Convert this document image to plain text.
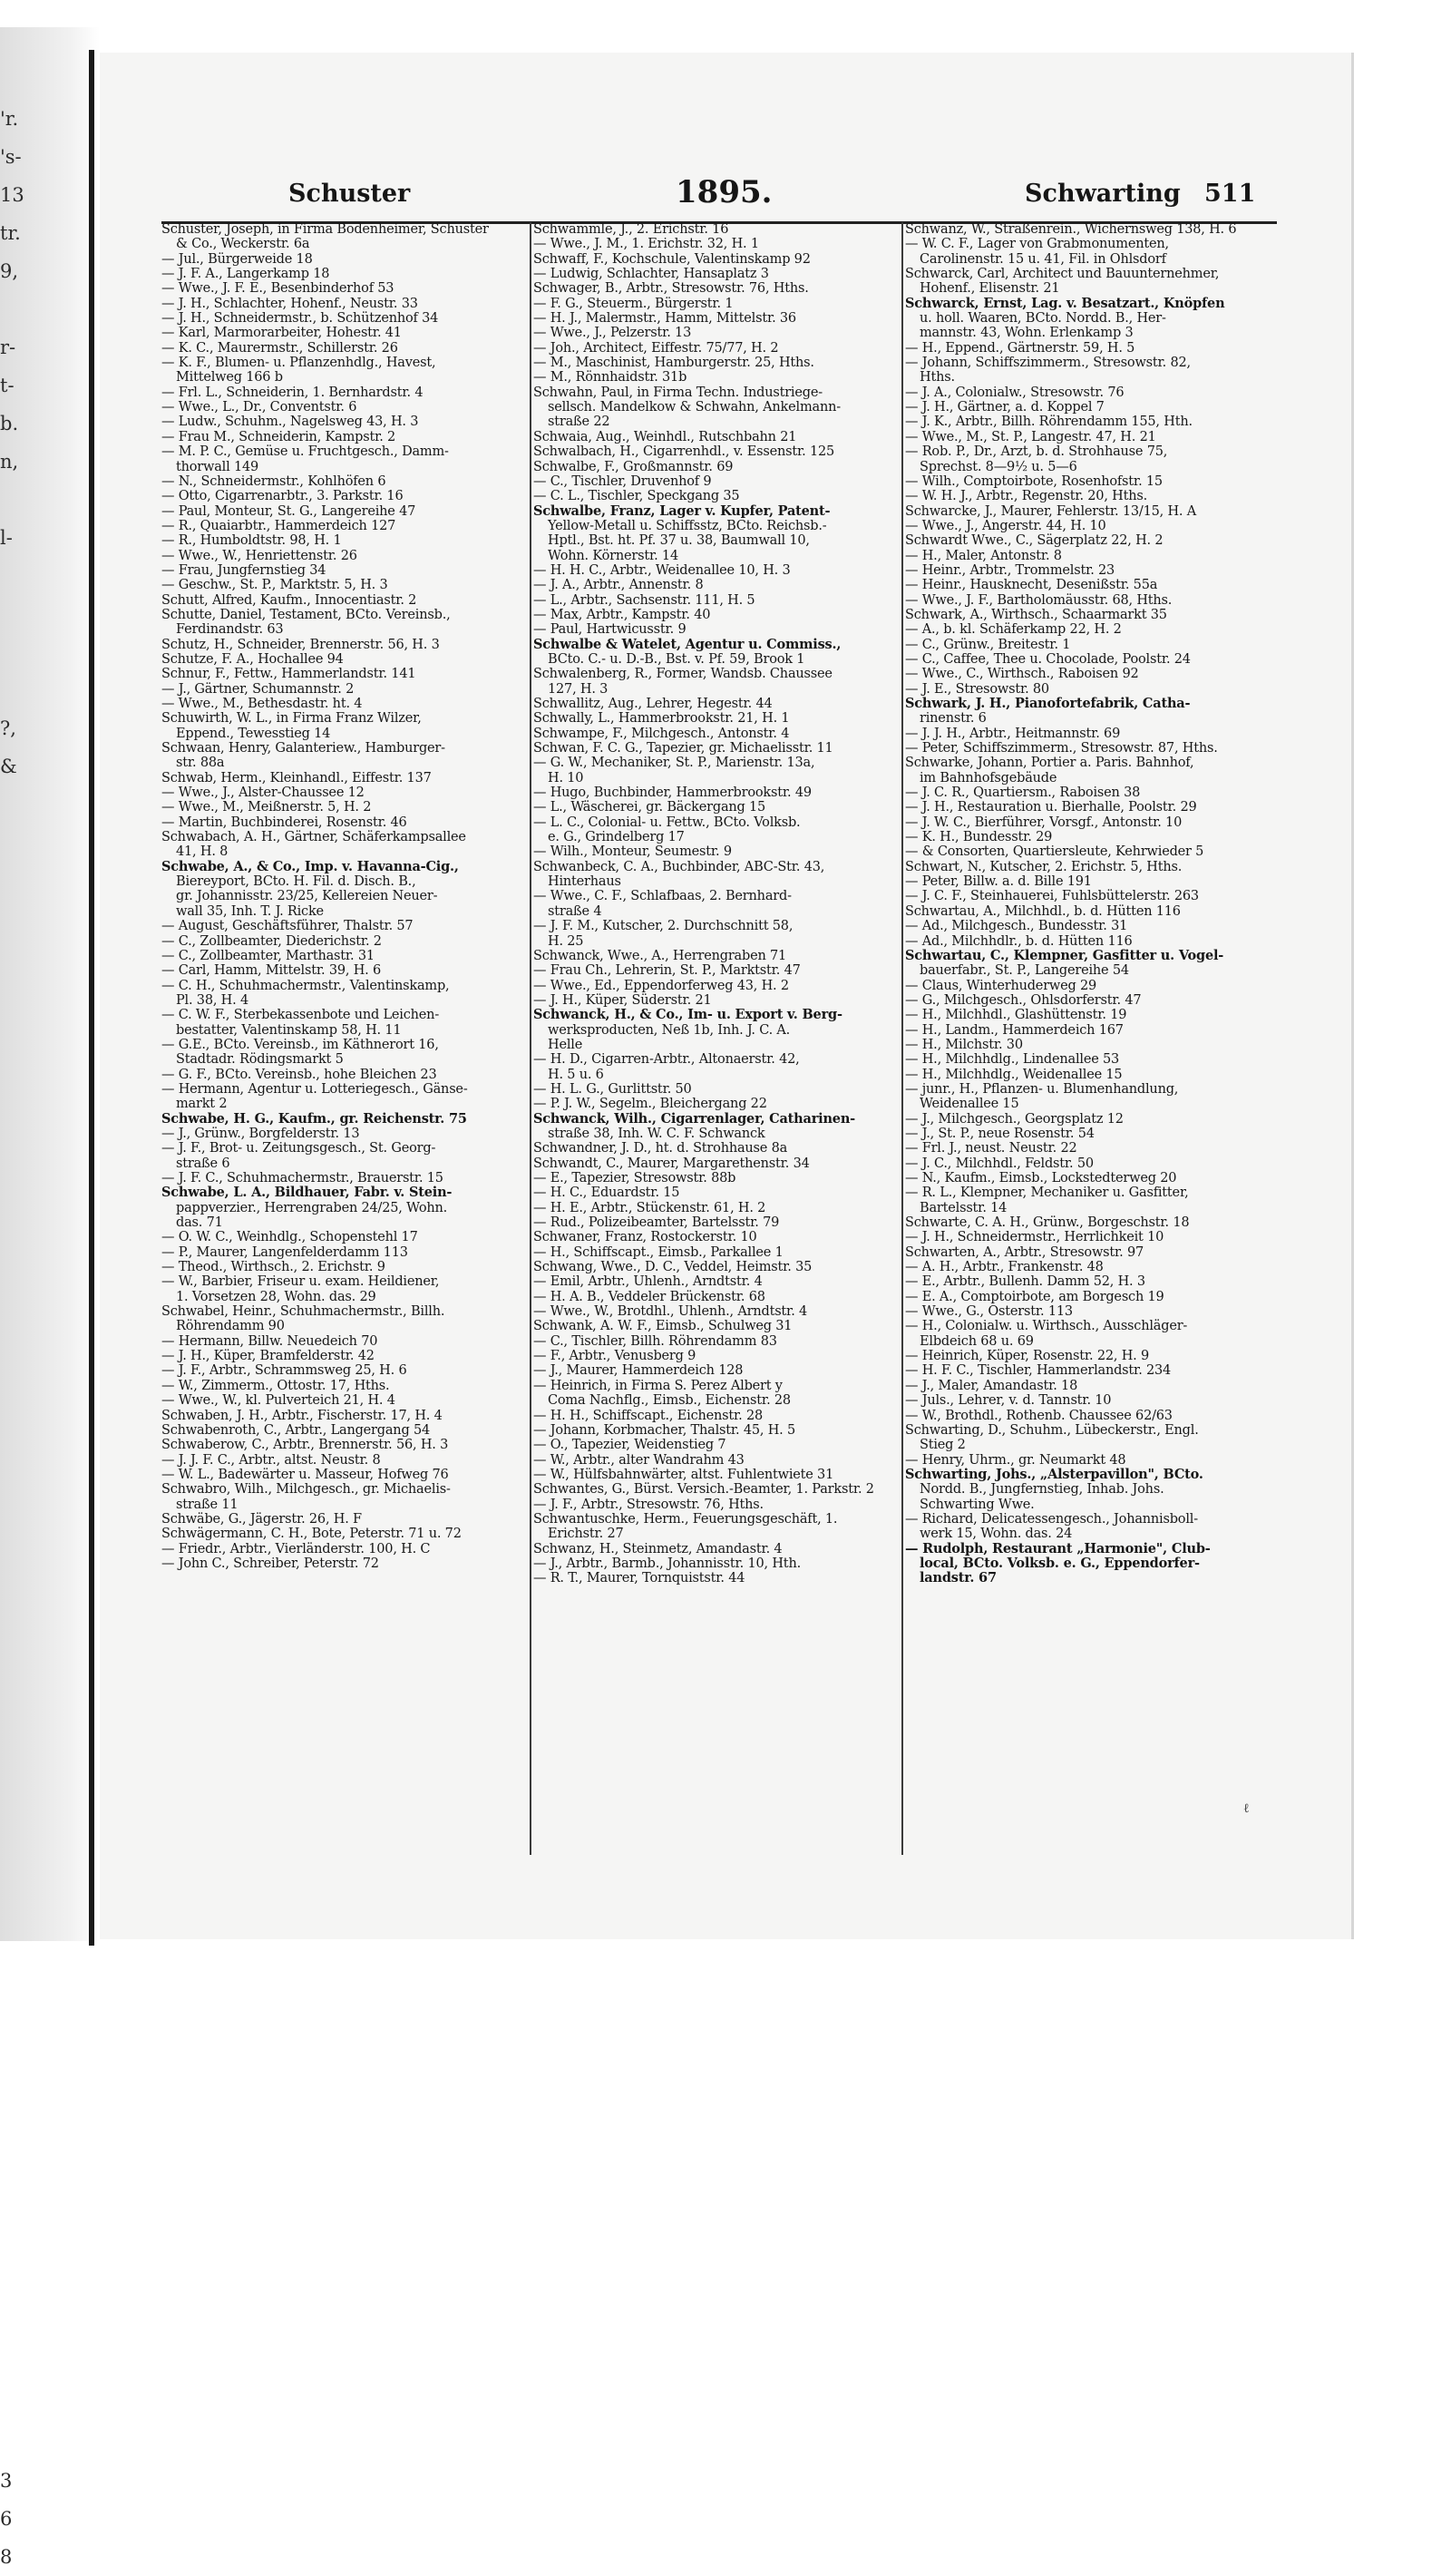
'r.
's-
13
tr.
9,
r-
t-
b.
n,
l-
?,
&
3
6
8
Schuster	1895.	Schwarting 511
Schuster, Joseph, in Firma Bodenheimer, Schuster
& Co., Weckerstr. 6a
— Jul., Bürgerweide 18
— J. F. A., Langerkamp 18
— Wwe., J. F. E., Besenbinderhof 53
— J. H., Schlachter, Hohenf., Neustr. 33
— J. H., Schneidermstr., b. Schützenhof 34
— Karl, Marmorarbeiter, Hohestr. 41
— K. C., Maurermstr., Schillerstr. 26
— K. F., Blumen- u. Pflanzenhdlg., Havest,
Mittelweg 166 b
— Frl. L., Schneiderin, 1. Bernhardstr. 4
— Wwe., L., Dr., Conventstr. 6
— Ludw., Schuhm., Nagelsweg 43, H. 3
— Frau M., Schneiderin, Kampstr. 2
— M. P. C., Gemüse u. Fruchtgesch., Damm-
thorwall 149
— N., Schneidermstr., Kohlhöfen 6
— Otto, Cigarrenarbtr., 3. Parkstr. 16
— Paul, Monteur, St. G., Langereihe 47
— R., Quaiarbtr., Hammerdeich 127
— R., Humboldtstr. 98, H. 1
— Wwe., W., Henriettenstr. 26
— Frau, Jungfernstieg 34
— Geschw., St. P., Marktstr. 5, H. 3
Schutt, Alfred, Kaufm., Innocentiastr. 2
Schutte, Daniel, Testament, BCto. Vereinsb.,
Ferdinandstr. 63
Schutz, H., Schneider, Brennerstr. 56, H. 3
Schutze, F. A., Hochallee 94
Schnur, F., Fettw., Hammerlandstr. 141
— J., Gärtner, Schumannstr. 2
— Wwe., M., Bethesdastr. ht. 4
Schuwirth, W. L., in Firma Franz Wilzer,
Eppend., Tewesstieg 14
Schwaan, Henry, Galanteriew., Hamburger-
str. 88a
Schwab, Herm., Kleinhandl., Eiffestr. 137
— Wwe., J., Alster-Chaussee 12
— Wwe., M., Meißnerstr. 5, H. 2
— Martin, Buchbinderei, Rosenstr. 46
Schwabach, A. H., Gärtner, Schäferkampsallee
41, H. 8
Schwabe, A., & Co., Imp. v. Havanna-Cig.,
Biereyport, BCto. H. Fil. d. Disch. B.,
gr. Johannisstr. 23/25, Kellereien Neuer-
wall 35, Inh. T. J. Ricke
— August, Geschäftsführer, Thalstr. 57
— C., Zollbeamter, Diederichstr. 2
— C., Zollbeamter, Marthastr. 31
— Carl, Hamm, Mittelstr. 39, H. 6
— C. H., Schuhmachermstr., Valentinskamp,
Pl. 38, H. 4
— C. W. F., Sterbekassenbote und Leichen-
bestatter, Valentinskamp 58, H. 11
— G.E., BCto. Vereinsb., im Käthnerort 16,
Stadtadr. Rödingsmarkt 5
— G. F., BCto. Vereinsb., hohe Bleichen 23
— Hermann, Agentur u. Lotteriegesch., Gänse-
markt 2
Schwabe, H. G., Kaufm., gr. Reichenstr. 75
— J., Grünw., Borgfelderstr. 13
— J. F., Brot- u. Zeitungsgesch., St. Georg-
straße 6
— J. F. C., Schuhmachermstr., Brauerstr. 15
Schwabe, L. A., Bildhauer, Fabr. v. Stein-
pappverzier., Herrengraben 24/25, Wohn.
das. 71
— O. W. C., Weinhdlg., Schopenstehl 17
— P., Maurer, Langenfelderdamm 113
— Theod., Wirthsch., 2. Erichstr. 9
— W., Barbier, Friseur u. exam. Heildiener,
1. Vorsetzen 28, Wohn. das. 29
Schwabel, Heinr., Schuhmachermstr., Billh.
Röhrendamm 90
— Hermann, Billw. Neuedeich 70
— J. H., Küper, Bramfelderstr. 42
— J. F., Arbtr., Schrammsweg 25, H. 6
— W., Zimmerm., Ottostr. 17, Hths.
— Wwe., W., kl. Pulverteich 21, H. 4
Schwaben, J. H., Arbtr., Fischerstr. 17, H. 4
Schwabenroth, C., Arbtr., Langergang 54
Schwaberow, C., Arbtr., Brennerstr. 56, H. 3
— J. J. F. C., Arbtr., altst. Neustr. 8
— W. L., Badewärter u. Masseur, Hofweg 76
Schwabro, Wilh., Milchgesch., gr. Michaelis-
straße 11
Schwäbe, G., Jägerstr. 26, H. F
Schwägermann, C. H., Bote, Peterstr. 71 u. 72
— Friedr., Arbtr., Vierländerstr. 100, H. C
— John C., Schreiber, Peterstr. 72
Schwämmle, J., 2. Erichstr. 16
— Wwe., J. M., 1. Erichstr. 32, H. 1
Schwaff, F., Kochschule, Valentinskamp 92
— Ludwig, Schlachter, Hansaplatz 3
Schwager, B., Arbtr., Stresowstr. 76, Hths.
— F. G., Steuerm., Bürgerstr. 1
— H. J., Malermstr., Hamm, Mittelstr. 36
— Wwe., J., Pelzerstr. 13
— Joh., Architect, Eiffestr. 75/77, H. 2
— M., Maschinist, Hamburgerstr. 25, Hths.
— M., Rönnhaidstr. 31b
Schwahn, Paul, in Firma Techn. Industriege-
sellsch. Mandelkow & Schwahn, Ankelmann-
straße 22
Schwaia, Aug., Weinhdl., Rutschbahn 21
Schwalbach, H., Cigarrenhdl., v. Essenstr. 125
Schwalbe, F., Großmannstr. 69
— C., Tischler, Druvenhof 9
— C. L., Tischler, Speckgang 35
Schwalbe, Franz, Lager v. Kupfer, Patent-
Yellow-Metall u. Schiffsstz, BCto. Reichsb.-
Hptl., Bst. ht. Pf. 37 u. 38, Baumwall 10,
Wohn. Körnerstr. 14
— H. H. C., Arbtr., Weidenallee 10, H. 3
— J. A., Arbtr., Annenstr. 8
— L., Arbtr., Sachsenstr. 111, H. 5
— Max, Arbtr., Kampstr. 40
— Paul, Hartwicusstr. 9
Schwalbe & Watelet, Agentur u. Commiss.,
BCto. C.- u. D.-B., Bst. v. Pf. 59, Brook 1
Schwalenberg, R., Former, Wandsb. Chaussee
127, H. 3
Schwallitz, Aug., Lehrer, Hegestr. 44
Schwally, L., Hammerbrookstr. 21, H. 1
Schwampe, F., Milchgesch., Antonstr. 4
Schwan, F. C. G., Tapezier, gr. Michaelisstr. 11
— G. W., Mechaniker, St. P., Marienstr. 13a,
H. 10
— Hugo, Buchbinder, Hammerbrookstr. 49
— L., Wäscherei, gr. Bäckergang 15
— L. C., Colonial- u. Fettw., BCto. Volksb.
e. G., Grindelberg 17
— Wilh., Monteur, Seumestr. 9
Schwanbeck, C. A., Buchbinder, ABC-Str. 43,
Hinterhaus
— Wwe., C. F., Schlafbaas, 2. Bernhard-
straße 4
— J. F. M., Kutscher, 2. Durchschnitt 58,
H. 25
Schwanck, Wwe., A., Herrengraben 71
— Frau Ch., Lehrerin, St. P., Marktstr. 47
— Wwe., Ed., Eppendorferweg 43, H. 2
— J. H., Küper, Süderstr. 21
Schwanck, H., & Co., Im- u. Export v. Berg-
werksproducten, Neß 1b, Inh. J. C. A.
Helle
— H. D., Cigarren-Arbtr., Altonaerstr. 42,
H. 5 u. 6
— H. L. G., Gurlittstr. 50
— P. J. W., Segelm., Bleichergang 22
Schwanck, Wilh., Cigarrenlager, Catharinen-
straße 38, Inh. W. C. F. Schwanck
Schwandner, J. D., ht. d. Strohhause 8a
Schwandt, C., Maurer, Margarethenstr. 34
— E., Tapezier, Stresowstr. 88b
— H. C., Eduardstr. 15
— H. E., Arbtr., Stückenstr. 61, H. 2
— Rud., Polizeibeamter, Bartelsstr. 79
Schwaner, Franz, Rostockerstr. 10
— H., Schiffscapt., Eimsb., Parkallee 1
Schwang, Wwe., D. C., Veddel, Heimstr. 35
— Emil, Arbtr., Uhlenh., Arndtstr. 4
— H. A. B., Veddeler Brückenstr. 68
— Wwe., W., Brotdhl., Uhlenh., Arndtstr. 4
Schwank, A. W. F., Eimsb., Schulweg 31
— C., Tischler, Billh. Röhrendamm 83
— F., Arbtr., Venusberg 9
— J., Maurer, Hammerdeich 128
— Heinrich, in Firma S. Perez Albert y
Coma Nachflg., Eimsb., Eichenstr. 28
— H. H., Schiffscapt., Eichenstr. 28
— Johann, Korbmacher, Thalstr. 45, H. 5
— O., Tapezier, Weidenstieg 7
— W., Arbtr., alter Wandrahm 43
— W., Hülfsbahnwärter, altst. Fuhlentwiete 31
Schwantes, G., Bürst. Versich.-Beamter, 1. Parkstr. 2
— J. F., Arbtr., Stresowstr. 76, Hths.
Schwantuschke, Herm., Feuerungsgeschäft, 1.
Erichstr. 27
Schwanz, H., Steinmetz, Amandastr. 4
— J., Arbtr., Barmb., Johannisstr. 10, Hth.
— R. T., Maurer, Tornquiststr. 44
Schwanz, W., Straßenrein., Wichernsweg 138, H. 6
— W. C. F., Lager von Grabmonumenten,
Carolinenstr. 15 u. 41, Fil. in Ohlsdorf
Schwarck, Carl, Architect und Bauunternehmer,
Hohenf., Elisenstr. 21
Schwarck, Ernst, Lag. v. Besatzart., Knöpfen
u. holl. Waaren, BCto. Nordd. B., Her-
mannstr. 43, Wohn. Erlenkamp 3
— H., Eppend., Gärtnerstr. 59, H. 5
— Johann, Schiffszimmerm., Stresowstr. 82,
Hths.
— J. A., Colonialw., Stresowstr. 76
— J. H., Gärtner, a. d. Koppel 7
— J. K., Arbtr., Billh. Röhrendamm 155, Hth.
— Wwe., M., St. P., Langestr. 47, H. 21
— Rob. P., Dr., Arzt, b. d. Strohhause 75,
Sprechst. 8—9½ u. 5—6
— Wilh., Comptoirbote, Rosenhofstr. 15
— W. H. J., Arbtr., Regenstr. 20, Hths.
Schwarcke, J., Maurer, Fehlerstr. 13/15, H. A
— Wwe., J., Angerstr. 44, H. 10
Schwardt Wwe., C., Sägerplatz 22, H. 2
— H., Maler, Antonstr. 8
— Heinr., Arbtr., Trommelstr. 23
— Heinr., Hausknecht, Desenißstr. 55a
— Wwe., J. F., Bartholomäusstr. 68, Hths.
Schwark, A., Wirthsch., Schaarmarkt 35
— A., b. kl. Schäferkamp 22, H. 2
— C., Grünw., Breitestr. 1
— C., Caffee, Thee u. Chocolade, Poolstr. 24
— Wwe., C., Wirthsch., Raboisen 92
— J. E., Stresowstr. 80
Schwark, J. H., Pianofortefabrik, Catha-
rinenstr. 6
— J. J. H., Arbtr., Heitmannstr. 69
— Peter, Schiffszimmerm., Stresowstr. 87, Hths.
Schwarke, Johann, Portier a. Paris. Bahnhof,
im Bahnhofsgebäude
— J. C. R., Quartiersm., Raboisen 38
— J. H., Restauration u. Bierhalle, Poolstr. 29
— J. W. C., Bierführer, Vorsgf., Antonstr. 10
— K. H., Bundesstr. 29
— & Consorten, Quartiersleute, Kehrwieder 5
Schwart, N., Kutscher, 2. Erichstr. 5, Hths.
— Peter, Billw. a. d. Bille 191
— J. C. F., Steinhauerei, Fuhlsbüttelerstr. 263
Schwartau, A., Milchhdl., b. d. Hütten 116
— Ad., Milchgesch., Bundesstr. 31
— Ad., Milchhdlr., b. d. Hütten 116
Schwartau, C., Klempner, Gasfitter u. Vogel-
bauerfabr., St. P., Langereihe 54
— Claus, Winterhuderweg 29
— G., Milchgesch., Ohlsdorferstr. 47
— H., Milchhdl., Glashüttenstr. 19
— H., Landm., Hammerdeich 167
— H., Milchstr. 30
— H., Milchhdlg., Lindenallee 53
— H., Milchhdlg., Weidenallee 15
— junr., H., Pflanzen- u. Blumenhandlung,
Weidenallee 15
— J., Milchgesch., Georgsplatz 12
— J., St. P., neue Rosenstr. 54
— Frl. J., neust. Neustr. 22
— J. C., Milchhdl., Feldstr. 50
— N., Kaufm., Eimsb., Lockstedterweg 20
— R. L., Klempner, Mechaniker u. Gasfitter,
Bartelsstr. 14
Schwarte, C. A. H., Grünw., Borgeschstr. 18
— J. H., Schneidermstr., Herrlichkeit 10
Schwarten, A., Arbtr., Stresowstr. 97
— A. H., Arbtr., Frankenstr. 48
— E., Arbtr., Bullenh. Damm 52, H. 3
— E. A., Comptoirbote, am Borgesch 19
— Wwe., G., Osterstr. 113
— H., Colonialw. u. Wirthsch., Ausschläger-
Elbdeich 68 u. 69
— Heinrich, Küper, Rosenstr. 22, H. 9
— H. F. C., Tischler, Hammerlandstr. 234
— J., Maler, Amandastr. 18
— Juls., Lehrer, v. d. Tannstr. 10
— W., Brothdl., Rothenb. Chaussee 62/63
Schwarting, D., Schuhm., Lübeckerstr., Engl.
Stieg 2
— Henry, Uhrm., gr. Neumarkt 48
Schwarting, Johs., „Alsterpavillon", BCto.
Nordd. B., Jungfernstieg, Inhab. Johs.
Schwarting Wwe.
— Richard, Delicatessengesch., Johannisboll-
werk 15, Wohn. das. 24
— Rudolph, Restaurant „Harmonie", Club-
local, BCto. Volksb. e. G., Eppendorfer-
landstr. 67
ℓ
